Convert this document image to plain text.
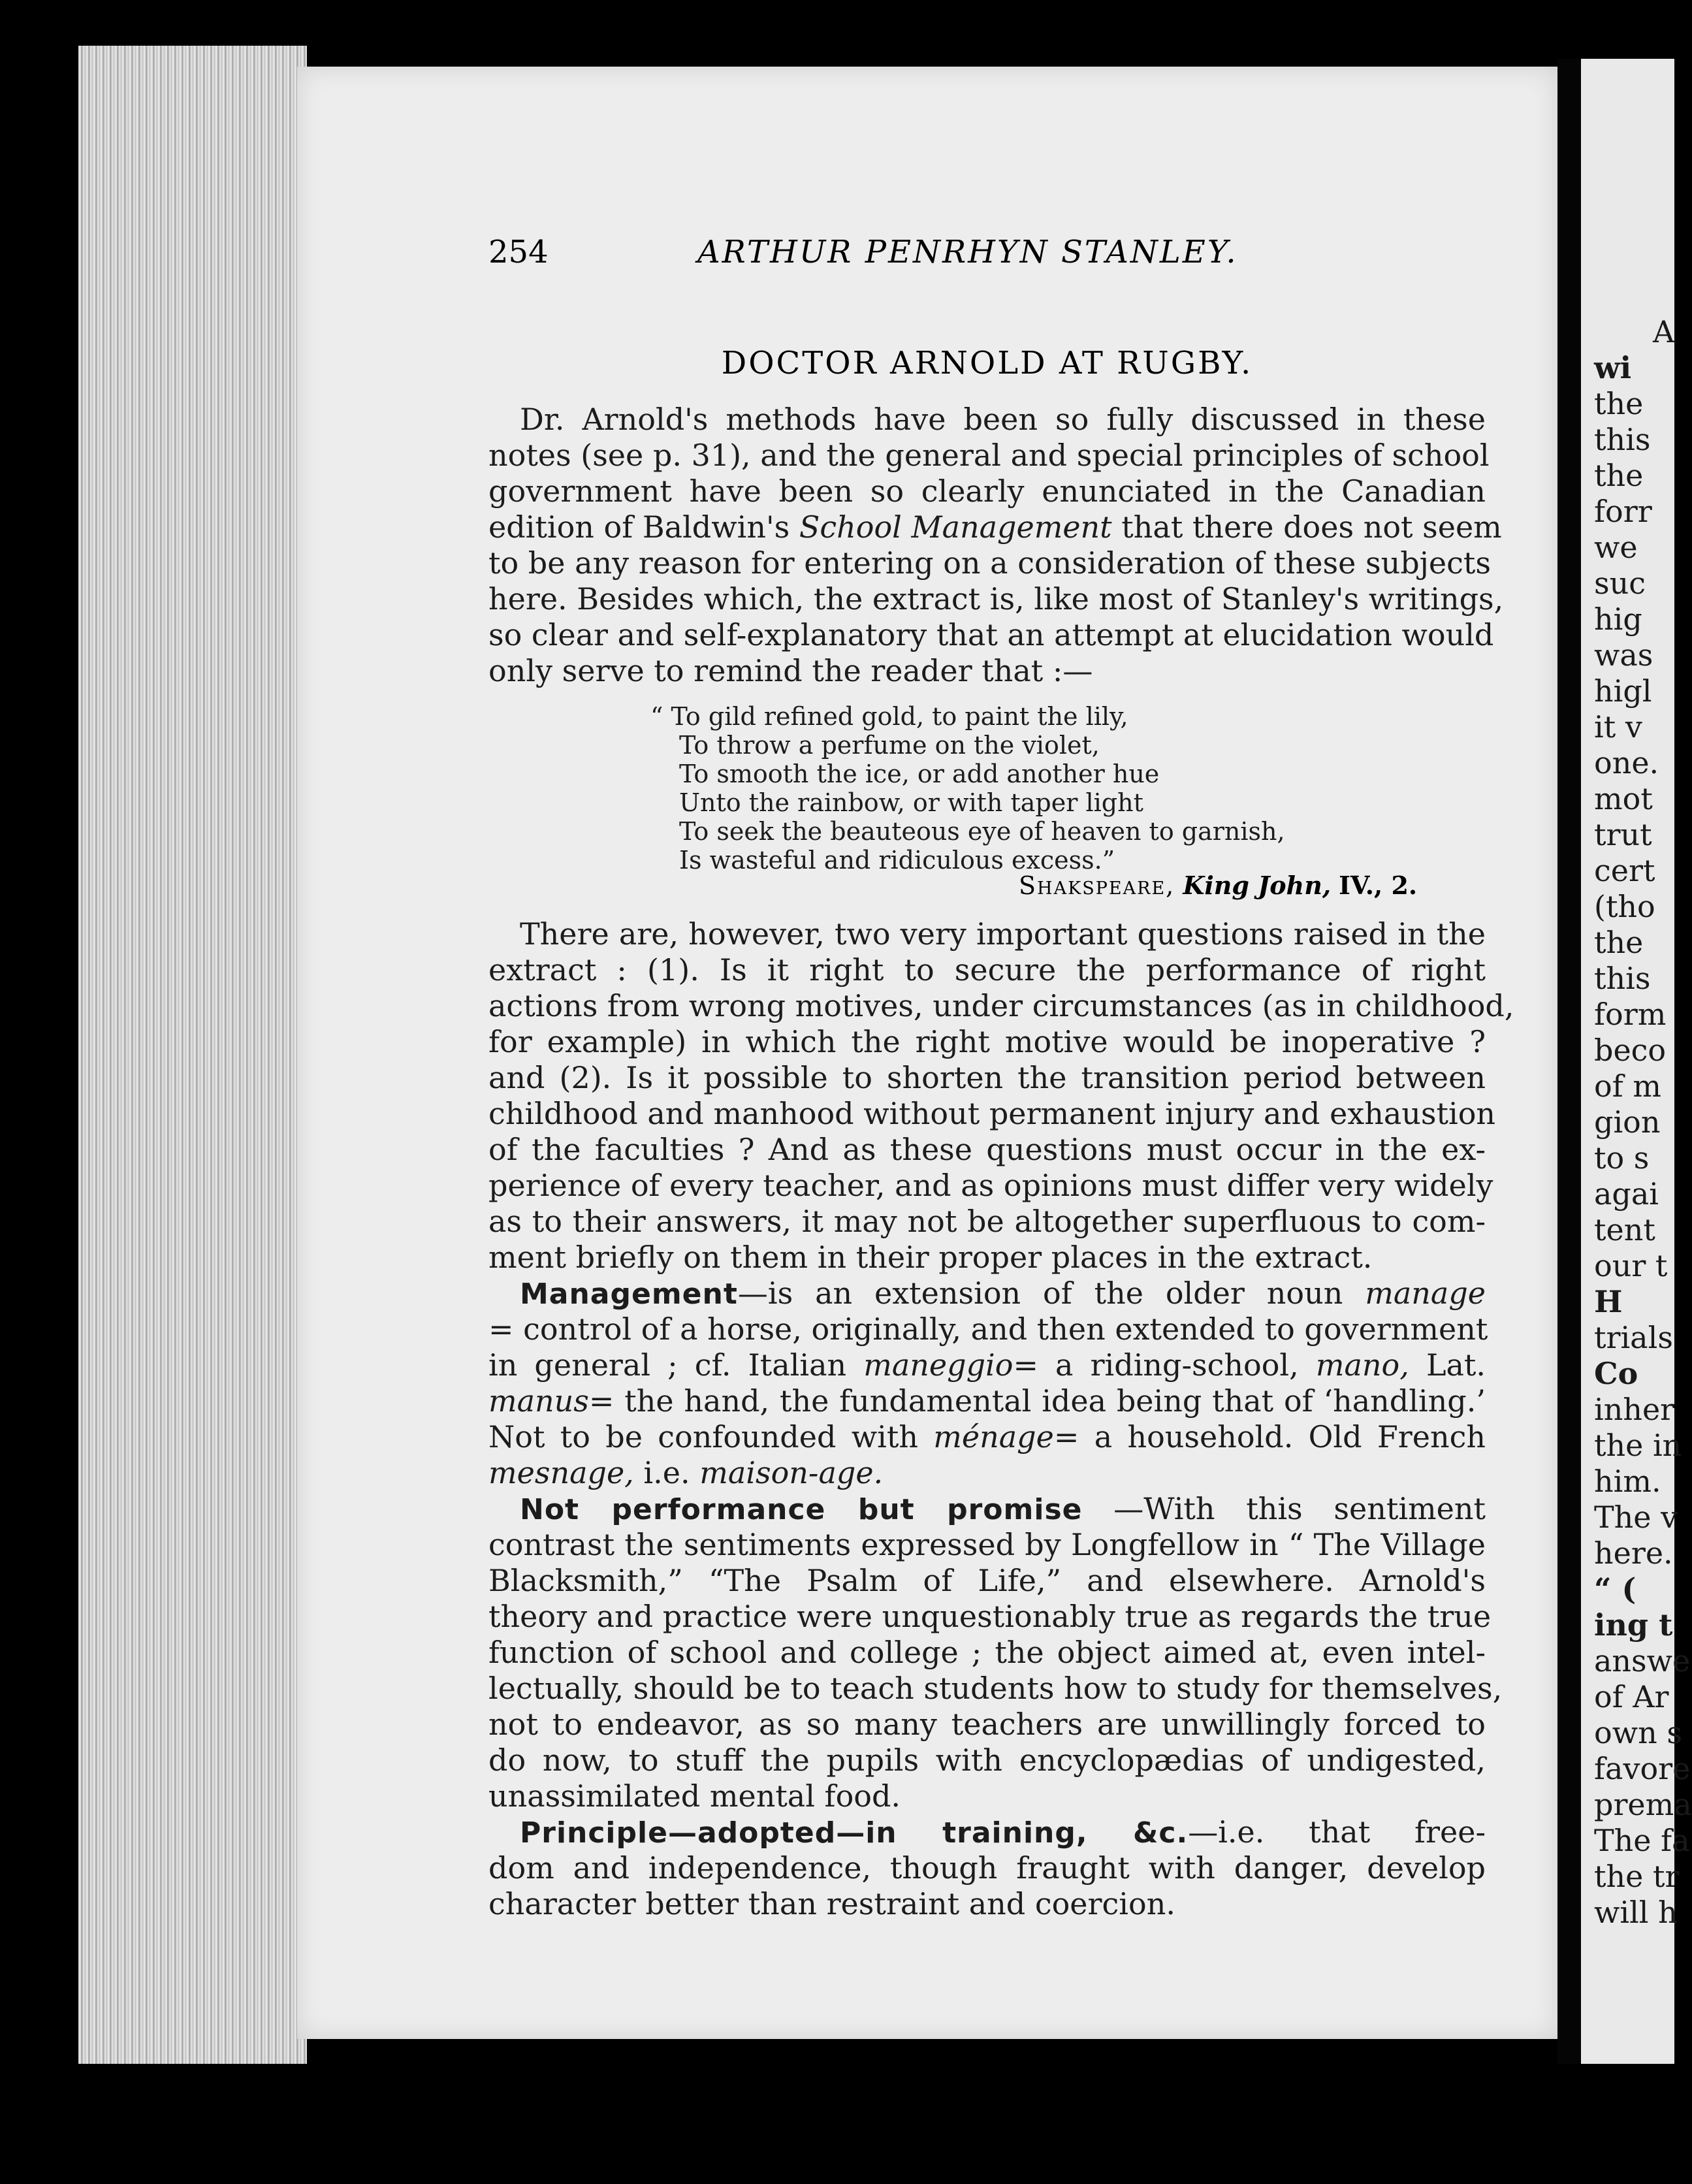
A
wi
the
this
the
forr
we
suc
hig
was
higl
it v
one.
mot
trut
cert
(tho
the
this
form
beco
of m
gion
to s
agai
tent
our t
H
trials
Co
inher
the in
him.
The v
here.
“ (
ing t
answe
of Ar
own s
favore
prema
The fa
the tr
will h
254	ARTHUR PENRHYN STANLEY.
DOCTOR ARNOLD AT RUGBY.
Dr. Arnold's methods have been so fully discussed in these
notes (see p. 31), and the general and special principles of school
government have been so clearly enunciated in the Canadian
edition of Baldwin's School Management that there does not seem
to be any reason for entering on a consideration of these subjects
here. Besides which, the extract is, like most of Stanley's writings,
so clear and self-explanatory that an attempt at elucidation would
only serve to remind the reader that :—
“ To gild refined gold, to paint the lily,
To throw a perfume on the violet,
To smooth the ice, or add another hue
Unto the rainbow, or with taper light
To seek the beauteous eye of heaven to garnish,
Is wasteful and ridiculous excess.”
Shakspeare, King John, IV., 2.
There are, however, two very important questions raised in the
extract : (1). Is it right to secure the performance of right
actions from wrong motives, under circumstances (as in childhood,
for example) in which the right motive would be inoperative ?
and (2). Is it possible to shorten the transition period between
childhood and manhood without permanent injury and exhaustion
of the faculties ? And as these questions must occur in the ex-
perience of every teacher, and as opinions must differ very widely
as to their answers, it may not be altogether superfluous to com-
ment briefly on them in their proper places in the extract.
Management—is an extension of the older noun manage
= control of a horse, originally, and then extended to government
in general ; cf. Italian maneggio= a riding-school, mano, Lat.
manus= the hand, the fundamental idea being that of ‘handling.’
Not to be confounded with ménage= a household. Old French
mesnage, i.e. maison-age.
Not performance but promise —With this sentiment
contrast the sentiments expressed by Longfellow in “ The Village
Blacksmith,” “The Psalm of Life,” and elsewhere. Arnold's
theory and practice were unquestionably true as regards the true
function of school and college ; the object aimed at, even intel-
lectually, should be to teach students how to study for themselves,
not to endeavor, as so many teachers are unwillingly forced to
do now, to stuff the pupils with encyclopædias of undigested,
unassimilated mental food.
Principle—adopted—in training, &c.—i.e. that free-
dom and independence, though fraught with danger, develop
character better than restraint and coercion.
